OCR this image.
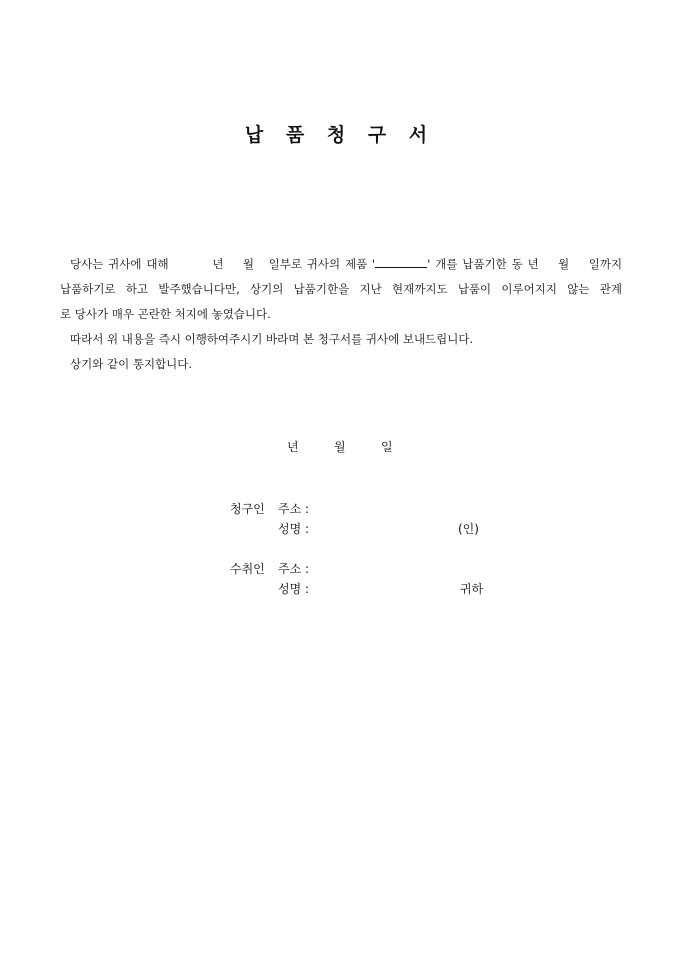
납 품 청 구 서

당사는 귀사에 대해	년 월 일부로 귀사의 제품 '	' 개를 납품기한 동 년 월 일까지

납품하기로 하고 발주했습니다만, 상기의 납품기한을 지난 현재까지도 납품이 이루어지지 않는 관계

로 당사가 매우 곤란한 처지에 놓였습니다.

따라서 위 내용을 즉시 이행하여주시기 바라며 본 청구서를 귀사에 보내드립니다.

상기와 같이 통지합니다.

년	월	일
청구인 주소 :
성명 :	(인)
수취인 주소 :
성명 :	귀하
